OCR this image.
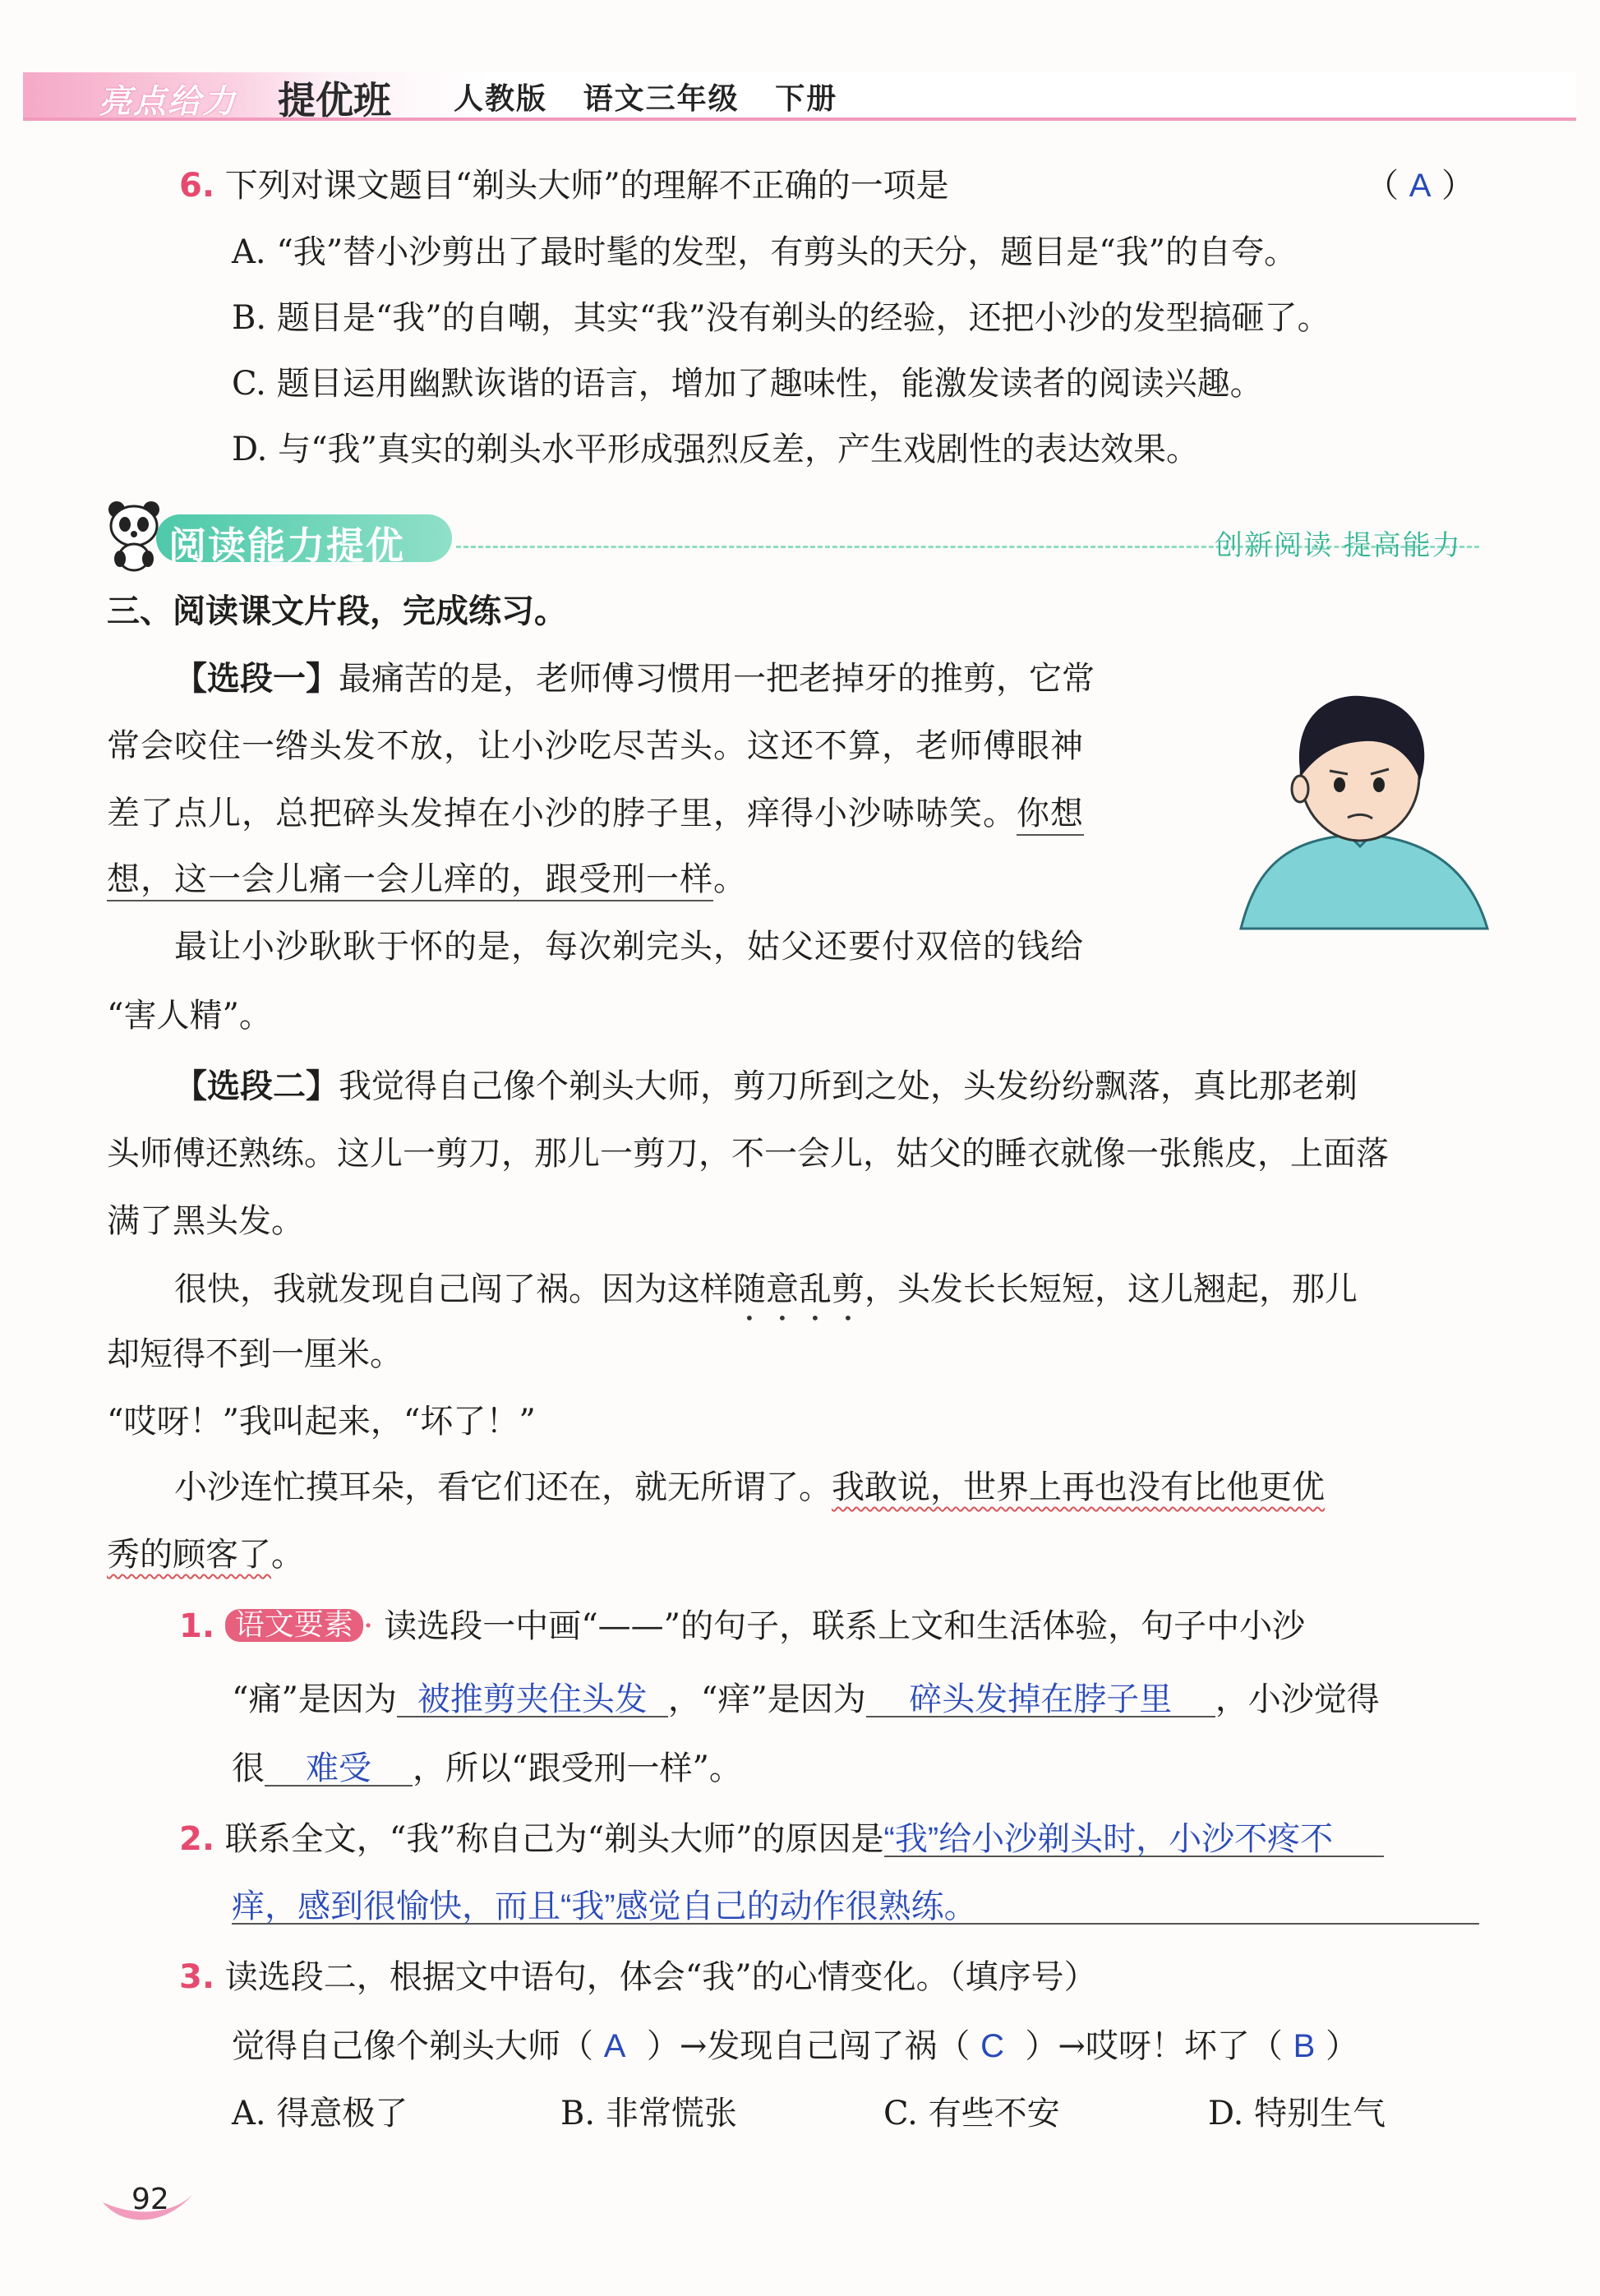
亮点给力 提优班 人教版 语文三年级 下册
6. 下列对课文题目“剃头大师”的理解不正确的一项是	（ A ）
A. “我”替小沙剪出了最时髦的发型，有剪头的天分，题目是“我”的自夸。
B. 题目是“我”的自嘲，其实“我”没有剃头的经验，还把小沙的发型搞砸了。
C. 题目运用幽默诙谐的语言，增加了趣味性，能激发读者的阅读兴趣。
D. 与“我”真实的剃头水平形成强烈反差，产生戏剧性的表达效果。
阅读能力提优	创新阅读 提高能力
三、阅读课文片段，完成练习。
【选段一】最痛苦的是，老师傅习惯用一把老掉牙的推剪，它常
常会咬住一绺头发不放，让小沙吃尽苦头。这还不算，老师傅眼神
差了点儿，总把碎头发掉在小沙的脖子里，痒得小沙哧哧笑。你想
想，这一会儿痛一会儿痒的，跟受刑一样。
最让小沙耿耿于怀的是，每次剃完头，姑父还要付双倍的钱给
“害人精”。
【选段二】我觉得自己像个剃头大师，剪刀所到之处，头发纷纷飘落，真比那老剃
头师傅还熟练。这儿一剪刀，那儿一剪刀，不一会儿，姑父的睡衣就像一张熊皮，上面落
满了黑头发。
很快，我就发现自己闯了祸。因为这样随意乱剪，头发长长短短，这儿翘起，那儿
却短得不到一厘米。
“哎呀！”我叫起来，“坏了！”
小沙连忙摸耳朵，看它们还在，就无所谓了。我敢说，世界上再也没有比他更优
秀的顾客了。
1. 语文要素 · 读选段一中画“——”的句子，联系上文和生活体验，句子中小沙
“痛”是因为 被推剪夹住头发 ，“痒”是因为 碎头发掉在脖子里 ，小沙觉得
很 难受 ，所以“跟受刑一样”。
2. 联系全文，“我”称自己为“剃头大师”的原因是“我”给小沙剃头时，小沙不疼不
痒，感到很愉快，而且“我”感觉自己的动作很熟练。
3. 读选段二，根据文中语句，体会“我”的心情变化。（填序号）
觉得自己像个剃头大师（ A ）→发现自己闯了祸（ C ）→哎呀！坏了（ B ）
A. 得意极了	B. 非常慌张	C. 有些不安	D. 特别生气
92
